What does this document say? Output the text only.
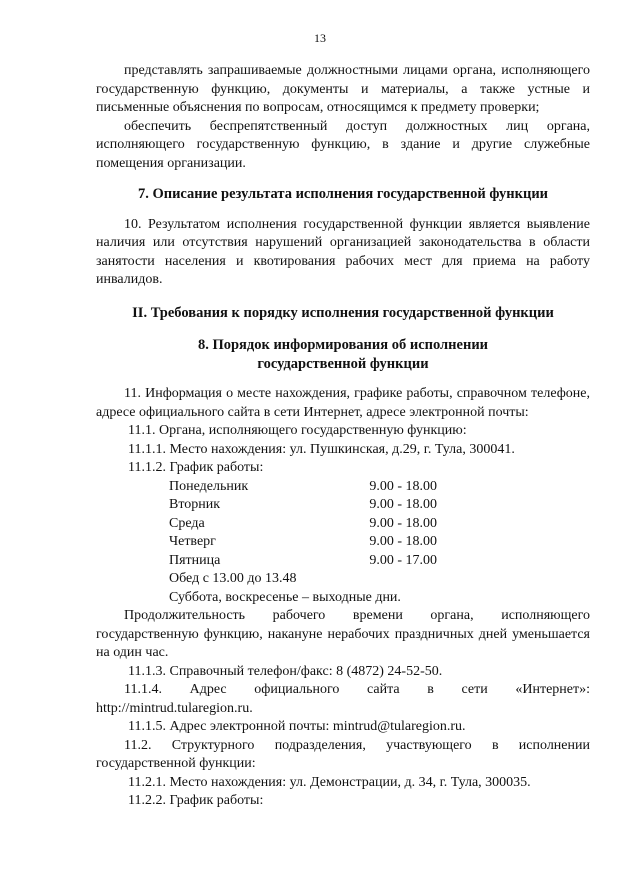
13

представлять запрашиваемые должностными лицами органа, исполняющего государственную функцию, документы и материалы, а также устные и письменные объяснения по вопросам, относящимся к предмету проверки;

обеспечить беспрепятственный доступ должностных лиц органа, исполняющего государственную функцию, в здание и другие служебные помещения организации.

7. Описание результата исполнения государственной функции

10. Результатом исполнения государственной функции является выявление наличия или отсутствия нарушений организацией законодательства в области занятости населения и квотирования рабочих мест для приема на работу инвалидов.

II. Требования к порядку исполнения государственной функции

8. Порядок информирования об исполнении

государственной функции

11. Информация о месте нахождения, графике работы, справочном телефоне, адресе официального сайта в сети Интернет, адресе электронной почты:

11.1. Органа, исполняющего государственную функцию:

11.1.1. Место нахождения: ул. Пушкинская, д.29, г. Тула, 300041.

11.1.2. График работы:

Понедельник	9.00 - 18.00
Вторник	9.00 - 18.00
Среда	9.00 - 18.00
Четверг	9.00 - 18.00
Пятница	9.00 - 17.00

Обед с 13.00 до 13.48

Суббота, воскресенье – выходные дни.

Продолжительность рабочего времени органа, исполняющего государственную функцию, накануне нерабочих праздничных дней уменьшается на один час.

11.1.3. Справочный телефон/факс: 8 (4872) 24-52-50.

11.1.4. Адрес официального сайта в сети «Интернет»: http://mintrud.tularegion.ru.

11.1.5. Адрес электронной почты: mintrud@tularegion.ru.

11.2. Структурного подразделения, участвующего в исполнении государственной функции:

11.2.1. Место нахождения: ул. Демонстрации, д. 34, г. Тула, 300035.

11.2.2. График работы:
